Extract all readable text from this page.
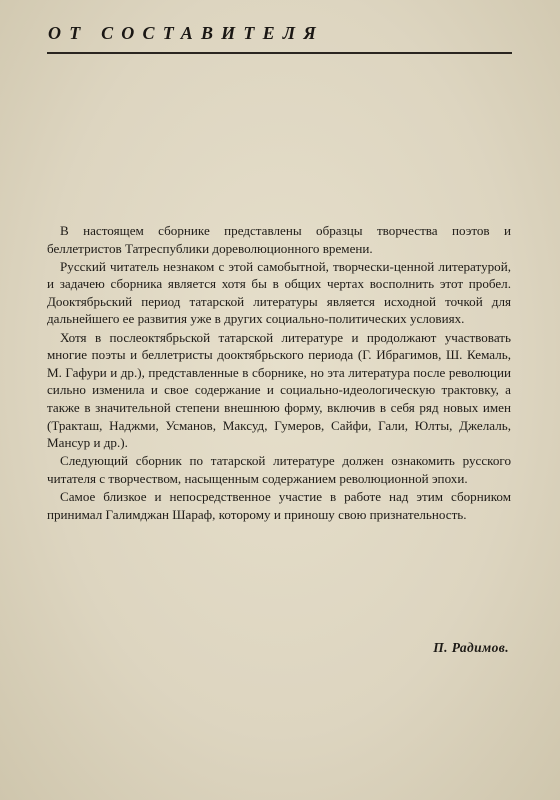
ОТ СОСТАВИТЕЛЯ

В настоящем сборнике представлены образцы творчества поэтов и беллетристов Татреспублики дореволюционного времени.

Русский читатель незнаком с этой самобытной, творчески-ценной литературой, и задачею сборника является хотя бы в общих чертах восполнить этот пробел. Дооктябрьский период татарской литературы является исходной точкой для дальнейшего ее развития уже в других социально-политических условиях.

Хотя в послеоктябрьской татарской литературе и продолжают участвовать многие поэты и беллетристы дооктябрьского периода (Г. Ибрагимов, Ш. Кемаль, М. Гафури и др.), представленные в сборнике, но эта литература после революции сильно изменила и свое содержание и социально-идеологическую трактовку, а также в значительной степени внешнюю форму, включив в себя ряд новых имен (Тракташ, Наджми, Усманов, Максуд, Гумеров, Сайфи, Гали, Юлты, Джелаль, Мансур и др.).

Следующий сборник по татарской литературе должен ознакомить русского читателя с творчеством, насыщенным содержанием революционной эпохи.

Самое близкое и непосредственное участие в работе над этим сборником принимал Галимджан Шараф, которому и приношу свою признательность.

П. Радимов.
